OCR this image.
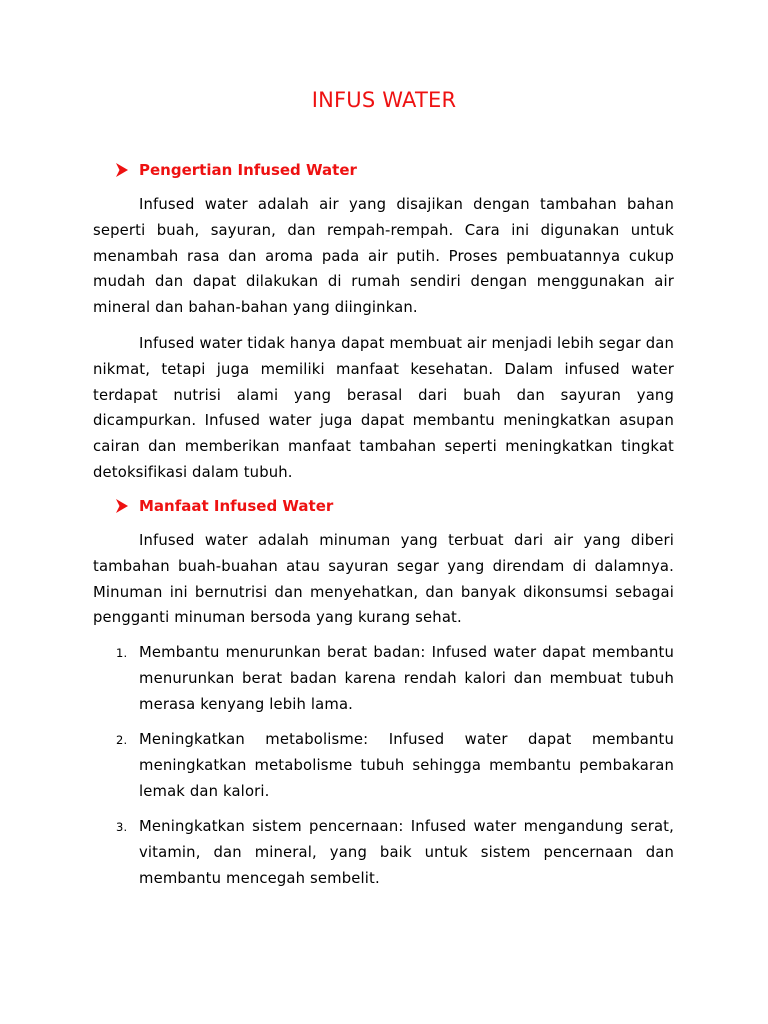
INFUS WATER
Pengertian Infused Water

Infused water adalah air yang disajikan dengan tambahan bahan seperti buah, sayuran, dan rempah-rempah. Cara ini digunakan untuk menambah rasa dan aroma pada air putih. Proses pembuatannya cukup mudah dan dapat dilakukan di rumah sendiri dengan menggunakan air mineral dan bahan-bahan yang diinginkan.

Infused water tidak hanya dapat membuat air menjadi lebih segar dan nikmat, tetapi juga memiliki manfaat kesehatan. Dalam infused water terdapat nutrisi alami yang berasal dari buah dan sayuran yang dicampurkan. Infused water juga dapat membantu meningkatkan asupan cairan dan memberikan manfaat tambahan seperti meningkatkan tingkat detoksifikasi dalam tubuh.

Manfaat Infused Water

Infused water adalah minuman yang terbuat dari air yang diberi tambahan buah-buahan atau sayuran segar yang direndam di dalamnya. Minuman ini bernutrisi dan menyehatkan, dan banyak dikonsumsi sebagai pengganti minuman bersoda yang kurang sehat.

1. Membantu menurunkan berat badan: Infused water dapat membantu menurunkan berat badan karena rendah kalori dan membuat tubuh merasa kenyang lebih lama.
2. Meningkatkan metabolisme: Infused water dapat membantu meningkatkan metabolisme tubuh sehingga membantu pembakaran lemak dan kalori.
3. Meningkatkan sistem pencernaan: Infused water mengandung serat, vitamin, dan mineral, yang baik untuk sistem pencernaan dan membantu mencegah sembelit.
